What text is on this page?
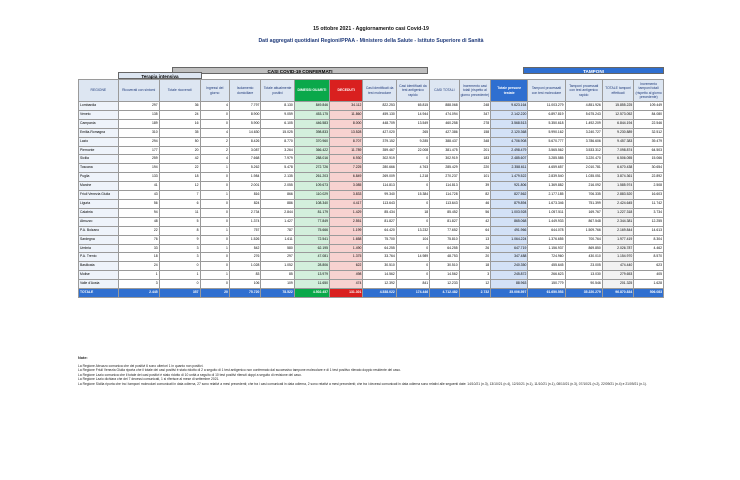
15 ottobre 2021 - Aggiornamento casi Covid-19
Dati aggregati quotidiani Regioni/PPAA - Ministero della Salute - Istituto Superiore di Sanità
CASI COVID-19 CONFERMATI
Terapia intensiva
TAMPONI
REGIONE	Ricoverati con sintomi	Totale ricoverati	Ingressi del giorno	Isolamento domiciliare	Totale attualmente positivi	DIMESSI GUARITI	DECEDUTI	Casi identificati da test molecolare	Casi identificati da test antigenico rapido	CASI TOTALI	Incremento casi totali (rispetto al giorno precedente)	Totale persone testate	Tamponi processati con test molecolare	Tamponi processati con test antigenico rapido	TOTALE tamponi effettuati	Incremento tamponi totali (rispetto al giorno precedente)
Lombardia	297	36	4	7.797	8.130	849.846	34.112	822.253	65.815	888.068	248	9.623.164	11.003.279	4.851.926	15.855.225	109.449
Veneto	135	24	0	8.900	9.059	453.175	11.860	459.130	14.944	474.094	347	2.142.220	6.897.819	5.675.243	12.573.052	84.080
Campania	189	16	0	5.900	6.105	446.583	8.000	448.709	13.549	460.258	278	3.568.513	5.350.618	1.492.209	6.844.194	22.546
Emilia-Romagna	310	35	4	14.630	15.025	398.833	13.528	427.020	265	427.386	158	2.120.368	5.990.162	3.240.727	9.230.889	32.512
Lazio	294	50	2	8.426	8.770	370.960	8.707	379.152	9.285	388.437	348	4.706.908	5.670.777	3.786.606	9.457.383	39.479
Piemonte	177	20	2	3.087	3.264	366.422	11.789	359.467	22.008	381.475	201	2.498.479	3.565.562	3.533.312	7.098.874	64.503
Sicilia	259	42	4	7.668	7.979	288.016	6.930	302.919	0	302.919	183	2.485.607	3.285.585	3.220.470	6.506.055	15.066
Toscana	194	22	1	5.262	5.478	272.726	7.225	280.666	4.763	285.429	220	2.358.611	4.659.657	2.010.781	6.670.438	30.654
Puglia	133	18	0	1.984	2.135	261.203	6.849	269.009	1.218	270.237	101	1.479.522	2.839.540	1.035.051	3.874.361	22.892
Marche	41	12	0	2.001	2.055	109.673	3.085	114.813	0	114.813	39	921.806	1.369.882	216.092	1.585.974	2.508
Friuli Venezia Giulia	43	7	1	816	866	110.029	3.833	99.340	15.384	114.728	82	827.562	2.177.185	706.335	2.883.520	16.603
Liguria	56	6	0	824	886	108.340	4.417	113.643	0	113.643	46	879.894	1.673.346	751.399	2.424.645	11.742
Calabria	94	11	0	2.734	2.844	81.179	1.429	85.434	18	85.452	56	1.003.928	1.057.511	169.767	1.227.318	3.734
Abruzzo	48	5	0	1.374	1.427	77.849	2.551	81.827	0	81.827	42	865.068	1.449.933	867.548	2.344.381	12.255
P.A. Bolzano	22	8	1	757	787	75.666	1.199	64.420	13.232	77.652	64	491.966	644.078	1.509.766	2.169.844	14.613
Sardegna	76	9	0	1.526	1.611	72.541	1.658	75.700	104	75.810	13	1.064.224	1.376.655	700.764	1.977.419	8.304
Umbria	33	3	1	542	580	62.195	1.490	64.255	0	64.255	26	647.719	1.156.937	869.850	2.026.787	4.462
P.A. Trento	18	3	0	276	297	47.081	1.375	33.764	14.989	48.753	20	347.488	724.960	430.010	1.154.970	8.570
Basilicata	24	0	0	1.028	1.052	28.806	622	30.510	0	30.510	18	240.350	455.645	23.005	474.440	623
Molise	1	1	1	83	85	13.979	498	14.562	0	14.562	3	245.872	266.623	13.030	279.653	405
Valle d'Aosta	3	0	0	106	109	11.650	474	12.392	841	12.233	12	88.963	150.779	90.546	201.325	1.628
TOTALE	2.445	357	20	75.720	78.522	4.502.457	131.301	4.538.022	174.446	4.712.482	2.732	35.006.597	61.650.553	35.220.279	96.870.834	506.083
Note:
La Regione Abruzzo comunica che dei positivi 6 sono ulteriori 1 in quanto non positivi.
La Regione Friuli Venezia Giulia riporta che il totale dei casi positivi è stato ridotto di 2 a seguito di 1 test antigenico non confermato dal successivo tampone molecolare e di 1 test positivo rilevato doppio residente del caso.
La Regione Lazio comunica che il totale dei casi positivi è stato ridotto di 10 unità a seguito di 10 test positivi ritenuti doppi a seguito di revisione del caso.
La Regione Lazio dichiara che dei 7 decessi comunicati, 1 si riferisce al mese di settembre 2021.
La Regione Sicilia riporta che tra i tamponi molecolari comunicati in data odierna, 27 sono relativi a mesi precedenti; che tra i casi comunicati in data odierna, 2 sono relativi a mesi precedenti; che tra i decessi comunicati in data odierna sono relativi alle seguenti date: 14/10/21 (n.3), 13/10/21 (n.4), 12/10/21 (n.1), 11/10/21 (n.1), 08/10/21 (n.3), 07/10/21 (n.2), 22/09/21 (n.4) e 21/09/21 (n.1).
